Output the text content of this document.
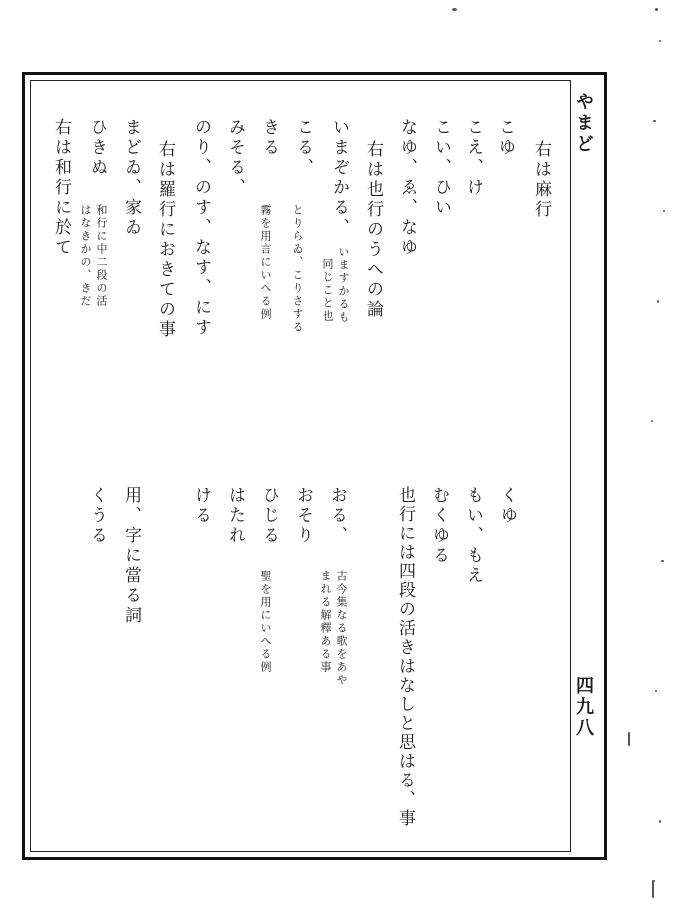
やまど
四九八
右は麻行
こゆ
こえ、け
こい、ひい
なゆ、ゑ、なゆ
右は也行のうへの論
いまぞかる、
いますかるも
同じこと也
こる、
とりらゐ、こりさする
きる
霧を用言にいへる例
みそる、
のり、のす、なす、にす
右は羅行におきての事
まどゐ、家ゐ
ひきぬ
和行に中二段の活
はなきかの、きだ
右は和行に於て
くゆ
もい、もえ
むくゆる
也行には四段の活きはなしと思はる、事
おる、
古今集なる歌をあや
まれる解釋ある事
おそり
ひじる
聖を用にいへる例
はたれ
ける
用、字に當る詞
くうる
